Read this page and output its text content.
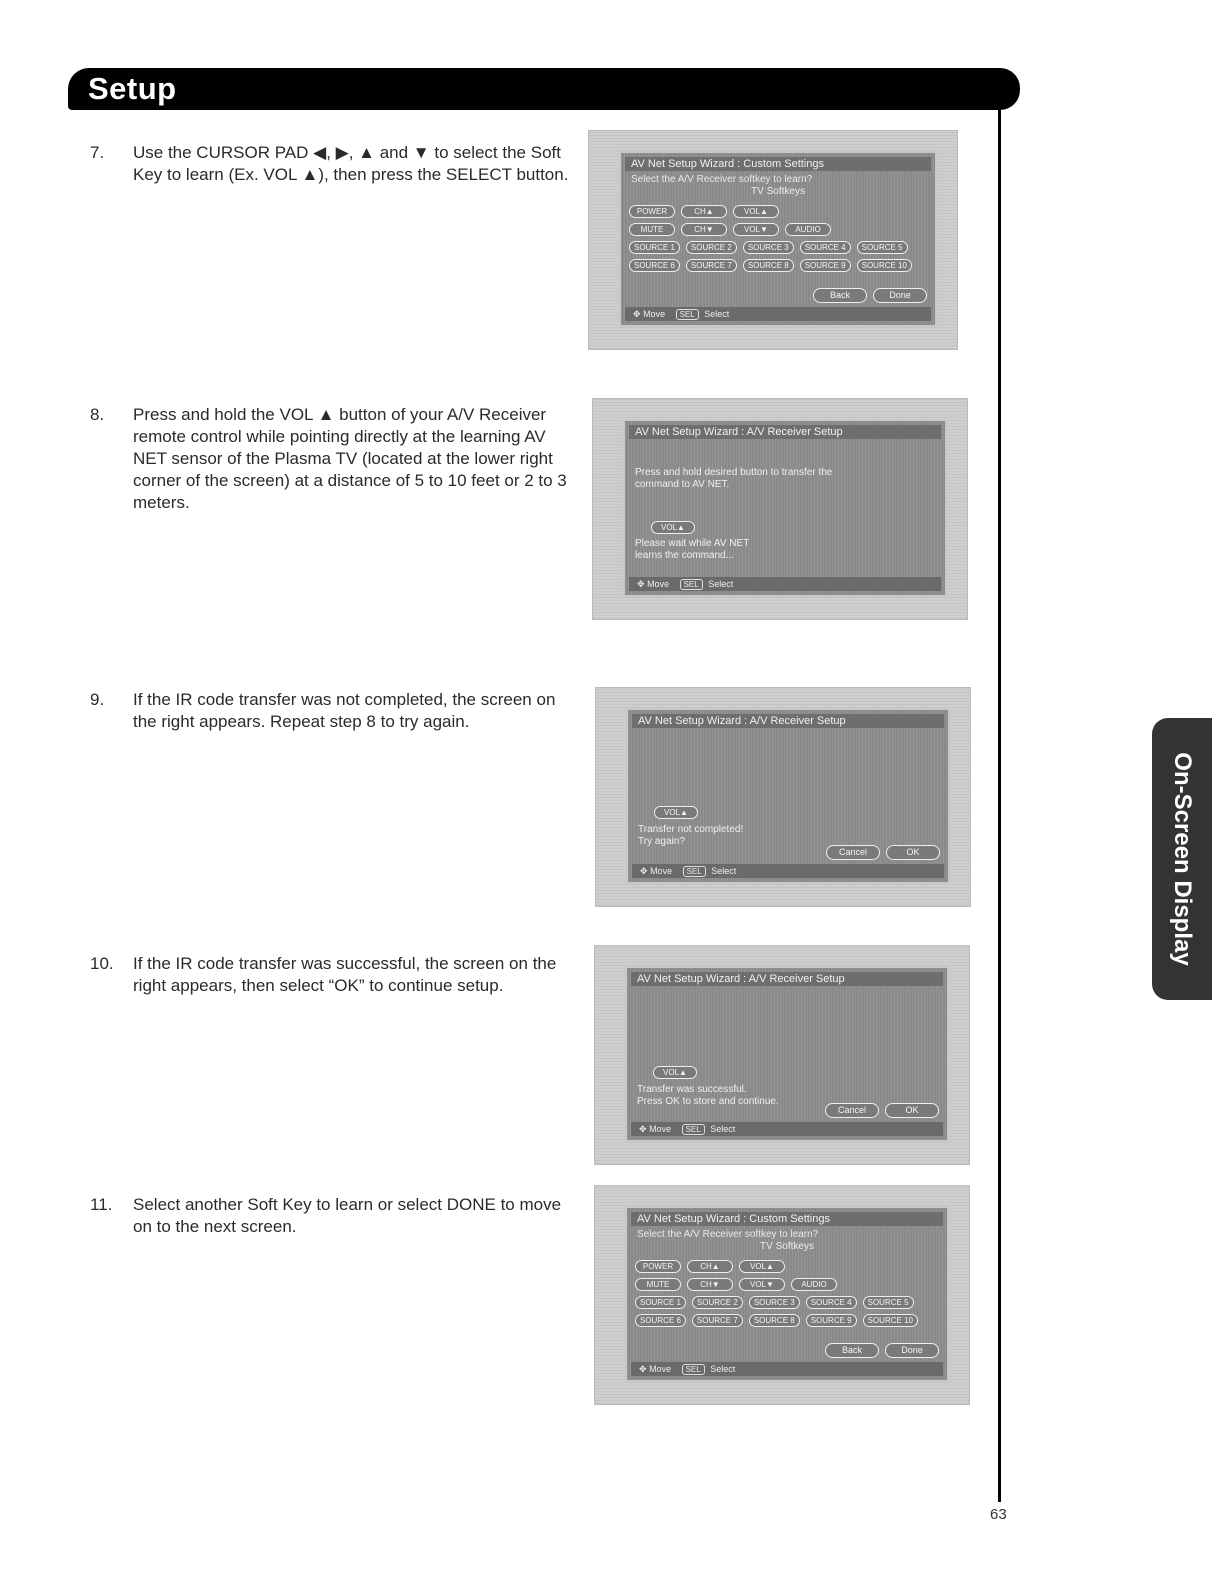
Setup
On-Screen Display
63
7. Use the CURSOR PAD ◀, ▶, ▲ and ▼ to select the Soft Key to learn (Ex. VOL ▲), then press the SELECT button.
8. Press and hold the VOL ▲ button of your A/V Receiver remote control while pointing directly at the learning AV NET sensor of the Plasma TV (located at the lower right corner of the screen) at a distance of 5 to 10 feet or 2 to 3 meters.
9. If the IR code transfer was not completed, the screen on the right appears. Repeat step 8 to try again.
10. If the IR code transfer was successful, the screen on the right appears, then select “OK” to continue setup.
11. Select another Soft Key to learn or select DONE to move on to the next screen.
AV Net Setup Wizard : Custom Settings
Select the A/V Receiver softkey to learn?
TV Softkeys
POWER	CH▲	VOL▲
MUTE	CH▼	VOL▼	AUDIO
SOURCE 1	SOURCE 2	SOURCE 3	SOURCE 4	SOURCE 5
SOURCE 6	SOURCE 7	SOURCE 8	SOURCE 9	SOURCE 10
Back	Done
✥ Move SEL Select
AV Net Setup Wizard : A/V Receiver Setup
Press and hold desired button to transfer the
command to AV NET.
VOL▲
Please wait while AV NET
learns the command...
✥ Move SEL Select
AV Net Setup Wizard : A/V Receiver Setup
VOL▲
Transfer not completed!
Try again?
Cancel	OK
✥ Move SEL Select
AV Net Setup Wizard : A/V Receiver Setup
VOL▲
Transfer was successful.
Press OK to store and continue.
Cancel	OK
✥ Move SEL Select
AV Net Setup Wizard : Custom Settings
Select the A/V Receiver softkey to learn?
TV Softkeys
POWER	CH▲	VOL▲
MUTE	CH▼	VOL▼	AUDIO
SOURCE 1	SOURCE 2	SOURCE 3	SOURCE 4	SOURCE 5
SOURCE 6	SOURCE 7	SOURCE 8	SOURCE 9	SOURCE 10
Back	Done
✥ Move SEL Select
